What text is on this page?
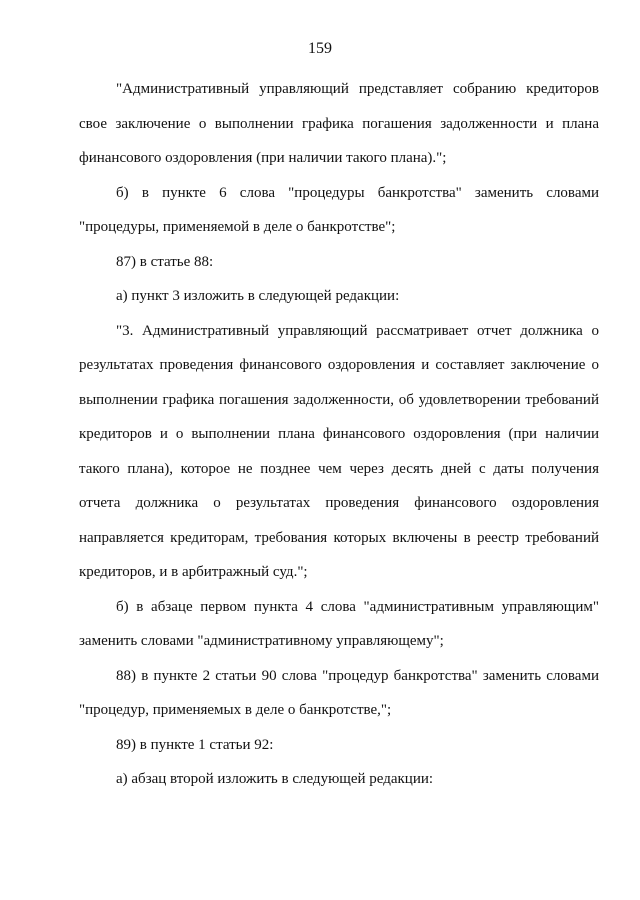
159

"Административный управляющий представляет собранию кредиторов свое заключение о выполнении графика погашения задолженности и плана финансового оздоровления (при наличии такого плана).";

б) в пункте 6 слова "процедуры банкротства" заменить словами "процедуры, применяемой в деле о банкротстве";

87) в статье 88:

а) пункт 3 изложить в следующей редакции:

"3. Административный управляющий рассматривает отчет должника о результатах проведения финансового оздоровления и составляет заключение о выполнении графика погашения задолженности, об удовлетворении требований кредиторов и о выполнении плана финансового оздоровления (при наличии такого плана), которое не позднее чем через десять дней с даты получения отчета должника о результатах проведения финансового оздоровления направляется кредиторам, требования которых включены в реестр требований кредиторов, и в арбитражный суд.";

б) в абзаце первом пункта 4 слова "административным управляющим" заменить словами "административному управляющему";

88) в пункте 2 статьи 90 слова "процедур банкротства" заменить словами "процедур, применяемых в деле о банкротстве,";

89) в пункте 1 статьи 92:

а) абзац второй изложить в следующей редакции:
